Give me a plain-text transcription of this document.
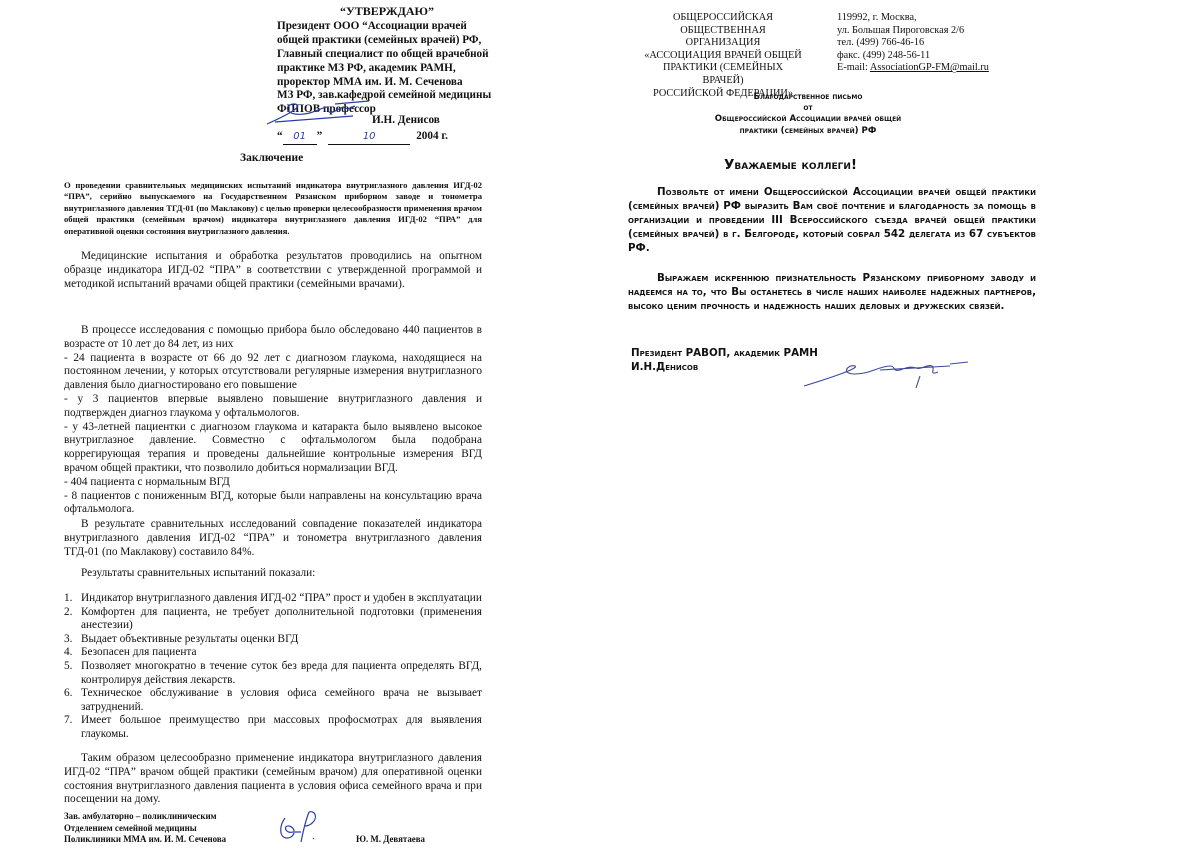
“УТВЕРЖДАЮ”
Президент ООО “Ассоциации врачей
общей практики (семейных врачей) РФ,
Главный специалист по общей врачебной
практике МЗ РФ, академик РАМН,
проректор ММА им. И. М. Сеченова
МЗ РФ, зав.кафедрой семейной медицины
ФППОВ профессор
И.Н. Денисов
“ 01 ”	10	2004 г.
Заключение
О проведении сравнительных медицинских испытаний индикатора внутриглазного давления ИГД-02 “ПРА”, серийно выпускаемого на Государственном Рязанском приборном заводе и тонометра внутриглазного давления ТГД-01 (по Маклакову) с целью проверки целесообразности применения врачом общей практики (семейным врачом) индикатора внутриглазного давления ИГД-02 “ПРА” для оперативной оценки состояния внутриглазного давления.
Медицинские испытания и обработка результатов проводились на опытном образце индикатора ИГД-02 “ПРА” в соответствии с утвержденной программой и методикой испытаний врачами общей практики (семейными врачами).
В процессе исследования с помощью прибора было обследовано 440 пациентов в возрасте от 10 лет до 84 лет, из них
- 24 пациента в возрасте от 66 до 92 лет с диагнозом глаукома, находящиеся на постоянном лечении, у которых отсутствовали регулярные измерения внутриглазного давления было диагностировано его повышение
- у 3 пациентов впервые выявлено повышение внутриглазного давления и подтвержден диагноз глаукома у офтальмологов.
- у 43-летней пациентки с диагнозом глаукома и катаракта было выявлено высокое внутриглазное давление. Совместно с офтальмологом была подобрана коррегирующая терапия и проведены дальнейшие контрольные измерения ВГД врачом общей практики, что позволило добиться нормализации ВГД.
- 404 пациента с нормальным ВГД
- 8 пациентов с пониженным ВГД, которые были направлены на консультацию врача офтальмолога.
В результате сравнительных исследований совпадение показателей индикатора внутриглазного давления ИГД-02 “ПРА” и тонометра внутриглазного давления ТГД-01 (по Маклакову) составило 84%.
Результаты сравнительных испытаний показали:
1. Индикатор внутриглазного давления ИГД-02 “ПРА” прост и удобен в эксплуатации
2. Комфортен для пациента, не требует дополнительной подготовки (применения анестезии)
3. Выдает объективные результаты оценки ВГД
4. Безопасен для пациента
5. Позволяет многократно в течение суток без вреда для пациента определять ВГД, контролируя действия лекарств.
6. Техническое обслуживание в условия офиса семейного врача не вызывает затруднений.
7. Имеет большое преимущество при массовых профосмотрах для выявления глаукомы.
Таким образом целесообразно применение индикатора внутриглазного давления ИГД-02 “ПРА” врачом общей практики (семейным врачом) для оперативной оценки состояния внутриглазного давления пациента в условия офиса семейного врача и при посещении на дому.
Зав. амбулаторно – поликлиническим
Отделением семейной медицины
Поликлиники ММА им. И. М. Сеченова	Ю. М. Девятаева
ОБЩЕРОССИЙСКАЯ
ОБЩЕСТВЕННАЯ ОРГАНИЗАЦИЯ
«АССОЦИАЦИЯ ВРАЧЕЙ ОБЩЕЙ
ПРАКТИКИ (СЕМЕЙНЫХ ВРАЧЕЙ)
РОССИЙСКОЙ ФЕДЕРАЦИИ»
119992, г. Москва,
ул. Большая Пироговская 2/6
тел. (499) 766-46-16
факс. (499) 248-56-11
E-mail: AssociationGP-FM@mail.ru
Благодарственное письмо
от
Общероссийской Ассоциации врачей общей
практики (семейных врачей) РФ
Уважаемые коллеги!
Позвольте от имени Общероссийской Ассоциации врачей общей практики (семейных врачей) РФ выразить Вам своё почтение и благодарность за помощь в организации и проведении III Всероссийского съезда врачей общей практики (семейных врачей) в г. Белгороде, который собрал 542 делегата из 67 субъектов РФ.
Выражаем искреннюю признательность Рязанскому приборному заводу и надеемся на то, что Вы останетесь в числе наших наиболее надежных партнеров, высоко ценим прочность и надежность наших деловых и дружеских связей.
Президент РАВОП, академик РАМН
И.Н.Денисов
